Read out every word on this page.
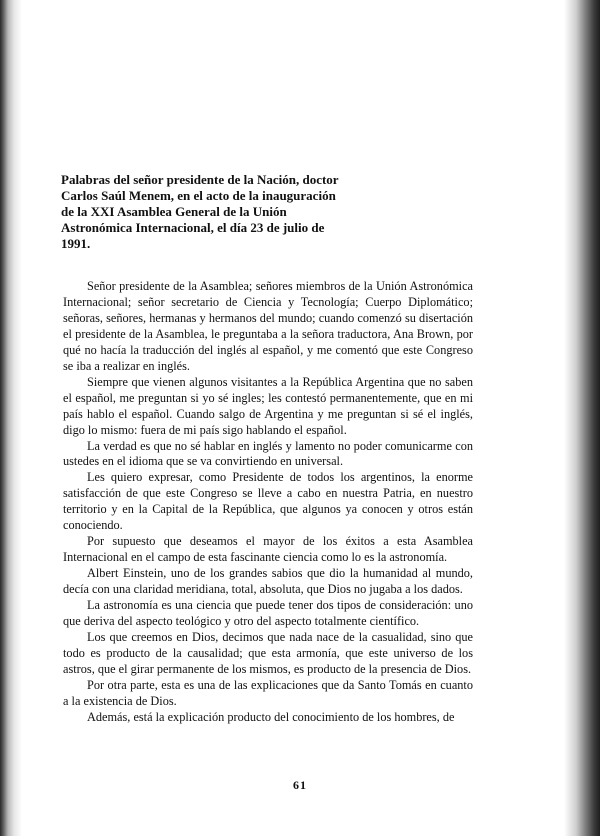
Palabras del señor presidente de la Nación, doctor Carlos Saúl Menem, en el acto de la inauguración de la XXI Asamblea General de la Unión Astronómica Internacional, el día 23 de julio de 1991.

Señor presidente de la Asamblea; señores miembros de la Unión Astronómica Internacional; señor secretario de Ciencia y Tecnología; Cuerpo Diplomático; señoras, señores, hermanas y hermanos del mundo; cuando comenzó su disertación el presidente de la Asamblea, le preguntaba a la señora traductora, Ana Brown, por qué no hacía la traducción del inglés al español, y me comentó que este Congreso se iba a realizar en inglés.

Siempre que vienen algunos visitantes a la República Argentina que no saben el español, me preguntan si yo sé ingles; les contestó permanentemente, que en mi país hablo el español. Cuando salgo de Argentina y me preguntan si sé el inglés, digo lo mismo: fuera de mi país sigo hablando el español.

La verdad es que no sé hablar en inglés y lamento no poder comunicarme con ustedes en el idioma que se va convirtiendo en universal.

Les quiero expresar, como Presidente de todos los argentinos, la enorme satisfacción de que este Congreso se lleve a cabo en nuestra Patria, en nuestro territorio y en la Capital de la República, que algunos ya conocen y otros están conociendo.

Por supuesto que deseamos el mayor de los éxitos a esta Asamblea Internacional en el campo de esta fascinante ciencia como lo es la astronomía.

Albert Einstein, uno de los grandes sabios que dio la humanidad al mundo, decía con una claridad meridiana, total, absoluta, que Dios no jugaba a los dados.

La astronomía es una ciencia que puede tener dos tipos de consideración: uno que deriva del aspecto teológico y otro del aspecto totalmente científico.

Los que creemos en Dios, decimos que nada nace de la casualidad, sino que todo es producto de la causalidad; que esta armonía, que este universo de los astros, que el girar permanente de los mismos, es producto de la presencia de Dios.

Por otra parte, esta es una de las explicaciones que da Santo Tomás en cuanto a la existencia de Dios.

Además, está la explicación producto del conocimiento de los hombres, de

61
